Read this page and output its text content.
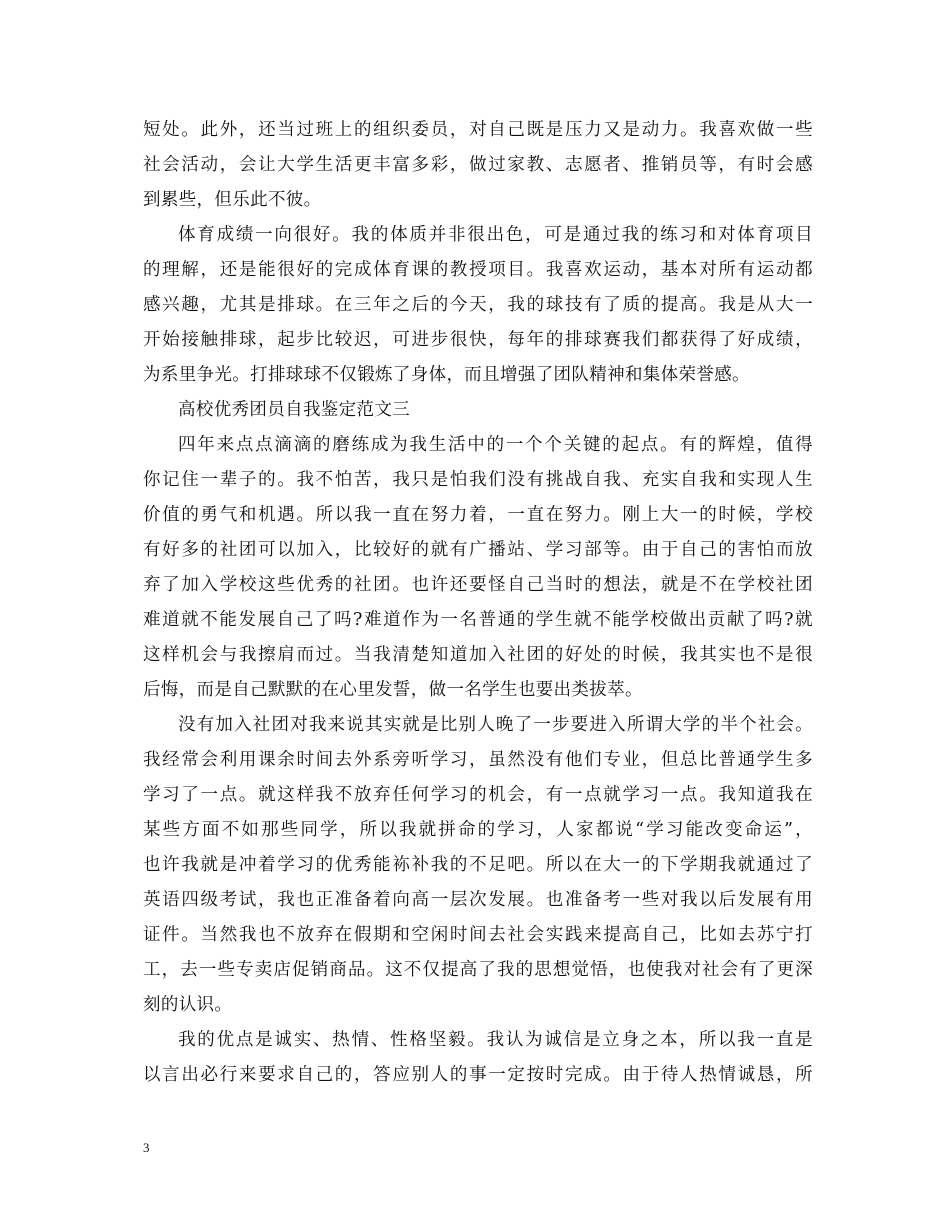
短处。此外，还当过班上的组织委员，对自己既是压力又是动力。我喜欢做一些
社会活动，会让大学生活更丰富多彩，做过家教、志愿者、推销员等，有时会感
到累些，但乐此不彼。
体育成绩一向很好。我的体质并非很出色，可是通过我的练习和对体育项目
的理解，还是能很好的完成体育课的教授项目。我喜欢运动，基本对所有运动都
感兴趣，尤其是排球。在三年之后的今天，我的球技有了质的提高。我是从大一
开始接触排球，起步比较迟，可进步很快，每年的排球赛我们都获得了好成绩，
为系里争光。打排球球不仅锻炼了身体，而且增强了团队精神和集体荣誉感。
高校优秀团员自我鉴定范文三
四年来点点滴滴的磨练成为我生活中的一个个关键的起点。有的辉煌，值得
你记住一辈子的。我不怕苦，我只是怕我们没有挑战自我、充实自我和实现人生
价值的勇气和机遇。所以我一直在努力着，一直在努力。刚上大一的时候，学校
有好多的社团可以加入，比较好的就有广播站、学习部等。由于自己的害怕而放
弃了加入学校这些优秀的社团。也许还要怪自己当时的想法，就是不在学校社团
难道就不能发展自己了吗?难道作为一名普通的学生就不能学校做出贡献了吗?就
这样机会与我擦肩而过。当我清楚知道加入社团的好处的时候，我其实也不是很
后悔，而是自己默默的在心里发誓，做一名学生也要出类拔萃。
没有加入社团对我来说其实就是比别人晚了一步要进入所谓大学的半个社会。
我经常会利用课余时间去外系旁听学习，虽然没有他们专业，但总比普通学生多
学习了一点。就这样我不放弃任何学习的机会，有一点就学习一点。我知道我在
某些方面不如那些同学，所以我就拼命的学习，人家都说“学习能改变命运”，
也许我就是冲着学习的优秀能袮补我的不足吧。所以在大一的下学期我就通过了
英语四级考试，我也正准备着向高一层次发展。也准备考一些对我以后发展有用
证件。当然我也不放弃在假期和空闲时间去社会实践来提高自己，比如去苏宁打
工，去一些专卖店促销商品。这不仅提高了我的思想觉悟，也使我对社会有了更深
刻的认识。
我的优点是诚实、热情、性格坚毅。我认为诚信是立身之本，所以我一直是
以言出必行来要求自己的，答应别人的事一定按时完成。由于待人热情诚恳，所
3
